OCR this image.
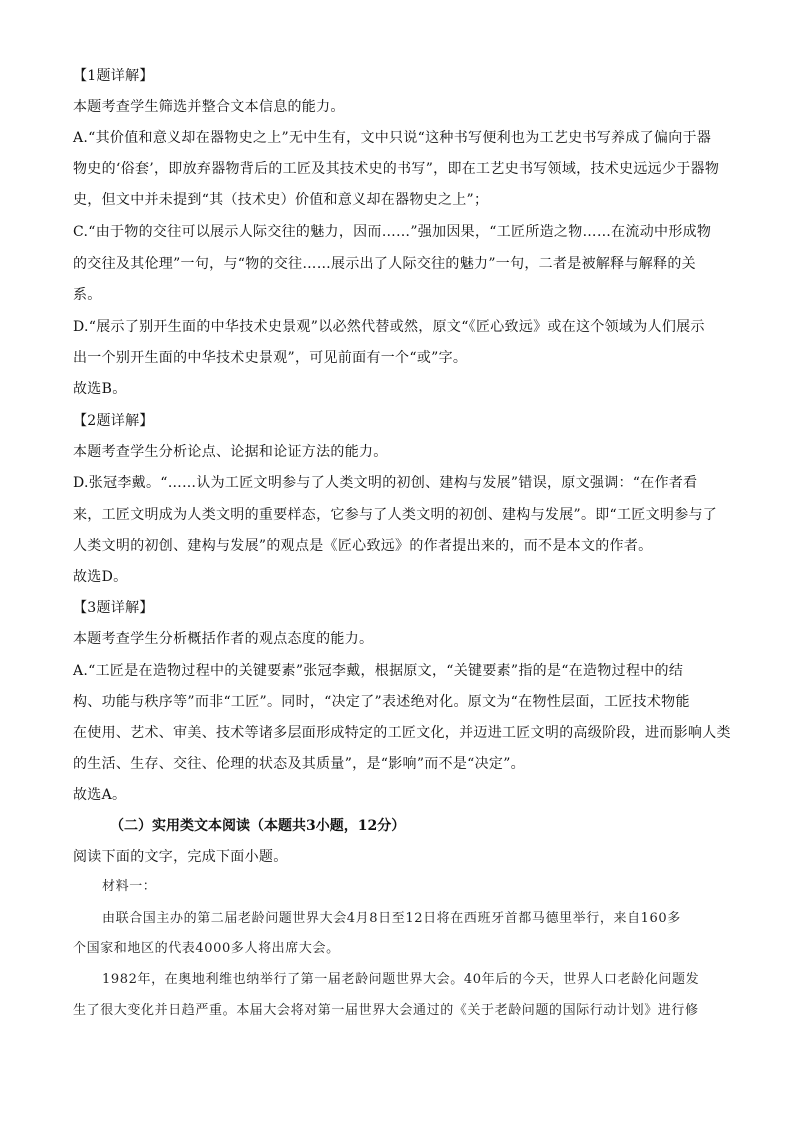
【1题详解】
本题考查学生筛选并整合文本信息的能力。
A.“其价值和意义却在器物史之上”无中生有，文中只说“这种书写便利也为工艺史书写养成了偏向于器
物史的‘俗套’，即放弃器物背后的工匠及其技术史的书写”，即在工艺史书写领域，技术史远远少于器物
史，但文中并未提到“其（技术史）价值和意义却在器物史之上”；
C.“由于物的交往可以展示人际交往的魅力，因而……”强加因果，“工匠所造之物……在流动中形成物
的交往及其伦理”一句，与“物的交往……展示出了人际交往的魅力”一句，二者是被解释与解释的关
系。
D.“展示了别开生面的中华技术史景观”以必然代替或然，原文“《匠心致远》或在这个领域为人们展示
出一个别开生面的中华技术史景观”，可见前面有一个“或”字。
故选B。
【2题详解】
本题考查学生分析论点、论据和论证方法的能力。
D.张冠李戴。“……认为工匠文明参与了人类文明的初创、建构与发展”错误，原文强调：“在作者看
来，工匠文明成为人类文明的重要样态，它参与了人类文明的初创、建构与发展”。即“工匠文明参与了
人类文明的初创、建构与发展”的观点是《匠心致远》的作者提出来的，而不是本文的作者。
故选D。
【3题详解】
本题考查学生分析概括作者的观点态度的能力。
A.“工匠是在造物过程中的关键要素”张冠李戴，根据原文，“关键要素”指的是“在造物过程中的结
构、功能与秩序等”而非“工匠”。同时，“决定了”表述绝对化。原文为“在物性层面，工匠技术物能
在使用、艺术、审美、技术等诸多层面形成特定的工匠文化，并迈进工匠文明的高级阶段，进而影响人类
的生活、生存、交往、伦理的状态及其质量”，是“影响”而不是“决定”。
故选A。
（二）实用类文本阅读（本题共3小题，12分）
阅读下面的文字，完成下面小题。
材料一：
由联合国主办的第二届老龄问题世界大会4月8日至12日将在西班牙首都马德里举行，来自160多
个国家和地区的代表4000多人将出席大会。
1982年，在奥地利维也纳举行了第一届老龄问题世界大会。40年后的今天，世界人口老龄化问题发
生了很大变化并日趋严重。本届大会将对第一届世界大会通过的《关于老龄问题的国际行动计划》进行修
